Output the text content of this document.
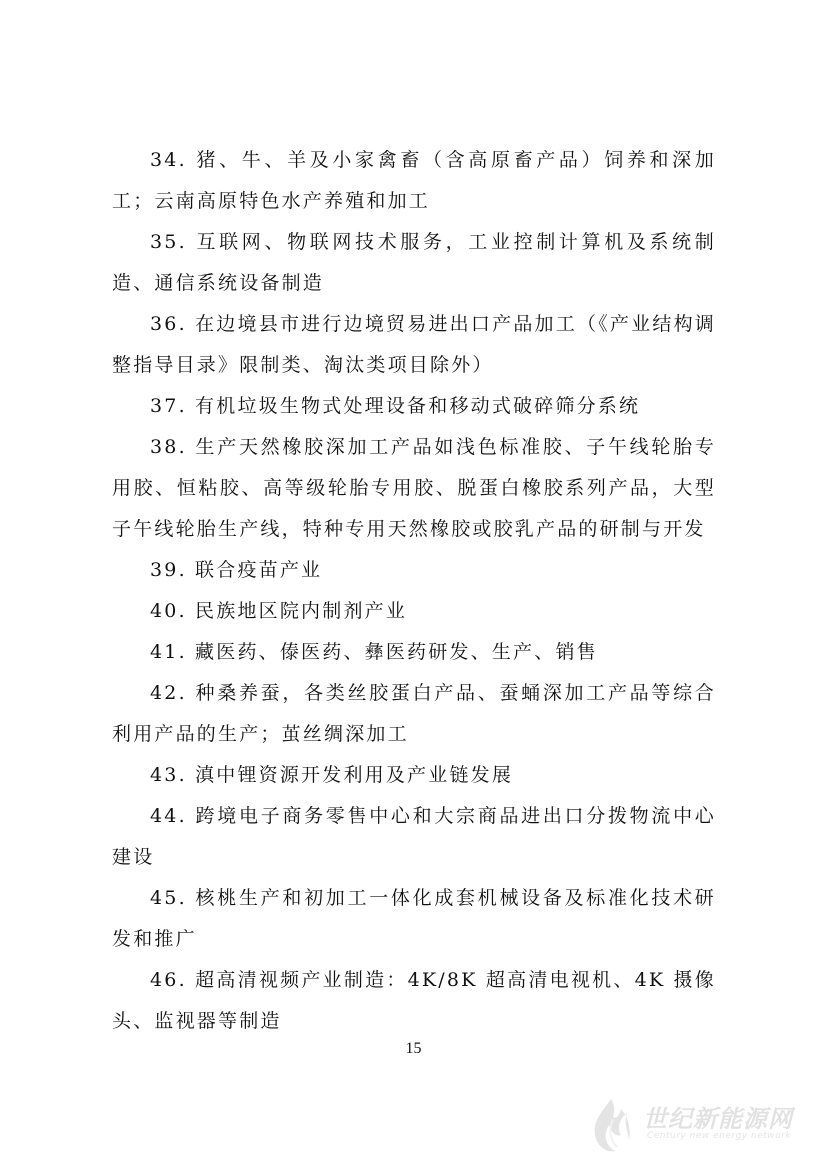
34. 猪、牛、羊及小家禽畜（含高原畜产品）饲养和深加工；云南高原特色水产养殖和加工

35. 互联网、物联网技术服务，工业控制计算机及系统制造、通信系统设备制造

36. 在边境县市进行边境贸易进出口产品加工（《产业结构调整指导目录》限制类、淘汰类项目除外）

37. 有机垃圾生物式处理设备和移动式破碎筛分系统

38. 生产天然橡胶深加工产品如浅色标准胶、子午线轮胎专用胶、恒粘胶、高等级轮胎专用胶、脱蛋白橡胶系列产品，大型子午线轮胎生产线，特种专用天然橡胶或胶乳产品的研制与开发

39. 联合疫苗产业

40. 民族地区院内制剂产业

41. 藏医药、傣医药、彝医药研发、生产、销售

42. 种桑养蚕，各类丝胶蛋白产品、蚕蛹深加工产品等综合利用产品的生产；茧丝绸深加工

43. 滇中锂资源开发利用及产业链发展

44. 跨境电子商务零售中心和大宗商品进出口分拨物流中心建设

45. 核桃生产和初加工一体化成套机械设备及标准化技术研发和推广

46. 超高清视频产业制造：4K/8K 超高清电视机、4K 摄像头、监视器等制造

15
世纪新能源网
Century new energy network
